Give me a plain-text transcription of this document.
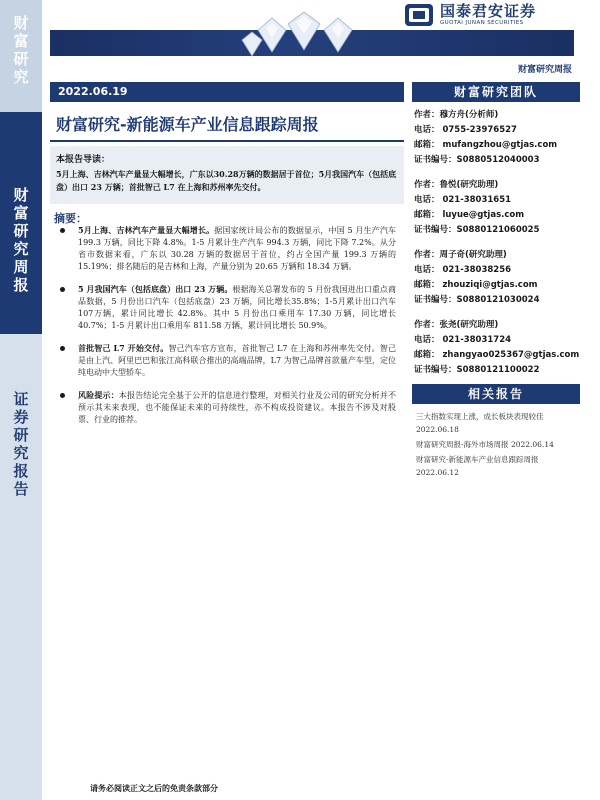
财
富
研
究
财
富
研
究
周
报
证
券
研
究
报
告
国泰君安证券
GUOTAI JUNAN SECURITIES
财富研究周报
2022.06.19	财富研究团队
财富研究-新能源车产业信息跟踪周报
本报告导读：
5月上海、吉林汽车产量显大幅增长，广东以30.28万辆的数据居于首位；5月我国汽车（包括底盘）出口 23 万辆；首批智己 L7 在上海和苏州率先交付。
摘要：
5月上海、吉林汽车产量显大幅增长。据国家统计局公布的数据显示，中国 5 月生产汽车 199.3 万辆，同比下降 4.8%。1-5 月累计生产汽车 994.3 万辆，同比下降 7.2%。从分省市数据来看，广东以 30.28 万辆的数据居于首位，约占全国产量 199.3 万辆的 15.19%；排名随后的是吉林和上海，产量分别为 20.65 万辆和 18.34 万辆。
5 月我国汽车（包括底盘）出口 23 万辆。根据海关总署发布的 5 月份我国进出口重点商品数据，5 月份出口汽车（包括底盘）23 万辆，同比增长35.8%；1-5月累计出口汽车 107万辆，累计同比增长 42.8%。其中 5 月份出口乘用车 17.30 万辆，同比增长 40.7%；1-5 月累计出口乘用车 811.58 万辆，累计同比增长 50.9%。
首批智己 L7 开始交付。智己汽车官方宣布，首批智己 L7 在上海和苏州率先交付。智己是由上汽、阿里巴巴和张江高科联合推出的高端品牌，L7 为智己品牌首款量产车型，定位纯电动中大型轿车。
风险提示：本报告结论完全基于公开的信息进行整理，对相关行业及公司的研究分析并不预示其未来表现，也不能保证未来的可持续性，亦不构成投资建议。本报告不涉及对股票、行业的推荐。
作者：穆方舟(分析师)
电话： 0755-23976527
邮箱： mufangzhou@gtjas.com
证书编号：S0880512040003
作者：鲁悦(研究助理)
电话： 021-38031651
邮箱： luyue@gtjas.com
证书编号：S0880121060025
作者：周子奇(研究助理)
电话： 021-38038256
邮箱： zhouziqi@gtjas.com
证书编号：S0880121030024
作者：张尧(研究助理)
电话： 021-38031724
邮箱： zhangyao025367@gtjas.com
证书编号：S0880121100022
相关报告
三大指数实现上涨，成长板块表现较佳
2022.06.18
财富研究周报-海外市场周报 2022.06.14
财富研究-新能源车产业信息跟踪周报
2022.06.12
请务必阅读正文之后的免责条款部分
